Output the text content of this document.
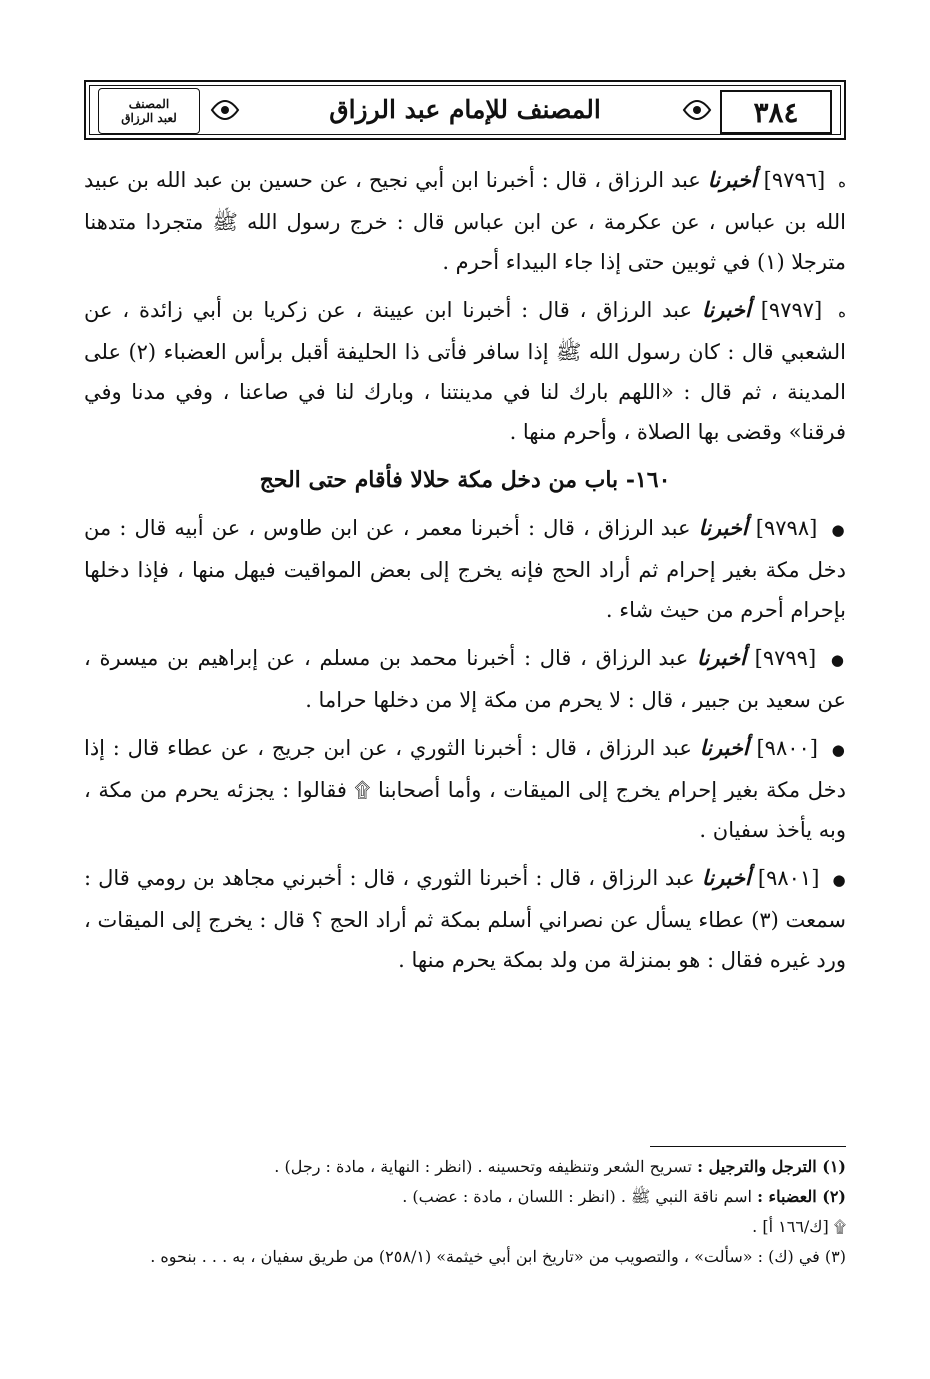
٣٨٤
المصنف للإمام عبد الرزاق
المصنف
لعبد الرزاق

ه [٩٧٩٦] أخبرنا عبد الرزاق ، قال : أخبرنا ابن أبي نجيح ، عن حسين بن عبد الله بن عبيد الله بن عباس ، عن عكرمة ، عن ابن عباس قال : خرج رسول الله ﷺ متجردا متدهنا مترجلا (١) في ثوبين حتى إذا جاء البيداء أحرم .

ه [٩٧٩٧] أخبرنا عبد الرزاق ، قال : أخبرنا ابن عيينة ، عن زكريا بن أبي زائدة ، عن الشعبي قال : كان رسول الله ﷺ إذا سافر فأتى ذا الحليفة أقبل برأس العضباء (٢) على المدينة ، ثم قال : «اللهم بارك لنا في مدينتنا ، وبارك لنا في صاعنا ، وفي مدنا وفي فرقنا» وقضى بها الصلاة ، وأحرم منها .

١٦٠- باب من دخل مكة حلالا فأقام حتى الحج

● [٩٧٩٨] أخبرنا عبد الرزاق ، قال : أخبرنا معمر ، عن ابن طاوس ، عن أبيه قال : من دخل مكة بغير إحرام ثم أراد الحج فإنه يخرج إلى بعض المواقيت فيهل منها ، فإذا دخلها بإحرام أحرم من حيث شاء .

● [٩٧٩٩] أخبرنا عبد الرزاق ، قال : أخبرنا محمد بن مسلم ، عن إبراهيم بن ميسرة ، عن سعيد بن جبير ، قال : لا يحرم من مكة إلا من دخلها حراما .

● [٩٨٠٠] أخبرنا عبد الرزاق ، قال : أخبرنا الثوري ، عن ابن جريج ، عن عطاء قال : إذا دخل مكة بغير إحرام يخرج إلى الميقات ، وأما أصحابنا ۩ فقالوا : يجزئه يحرم من مكة ، وبه يأخذ سفيان .

● [٩٨٠١] أخبرنا عبد الرزاق ، قال : أخبرنا الثوري ، قال : أخبرني مجاهد بن رومي قال : سمعت (٣) عطاء يسأل عن نصراني أسلم بمكة ثم أراد الحج ؟ قال : يخرج إلى الميقات ، ورد غيره فقال : هو بمنزلة من ولد بمكة يحرم منها .

(١) الترجل والترجيل : تسريح الشعر وتنظيفه وتحسينه . (انظر : النهاية ، مادة : رجل) .

(٢) العضباء : اسم ناقة النبي ﷺ . (انظر : اللسان ، مادة : عضب) .

۩ [ك/١٦٦ أ] .

(٣) في (ك) : «سألت» ، والتصويب من «تاريخ ابن أبي خيثمة» (٢٥٨/١) من طريق سفيان ، به . . . بنحوه .
